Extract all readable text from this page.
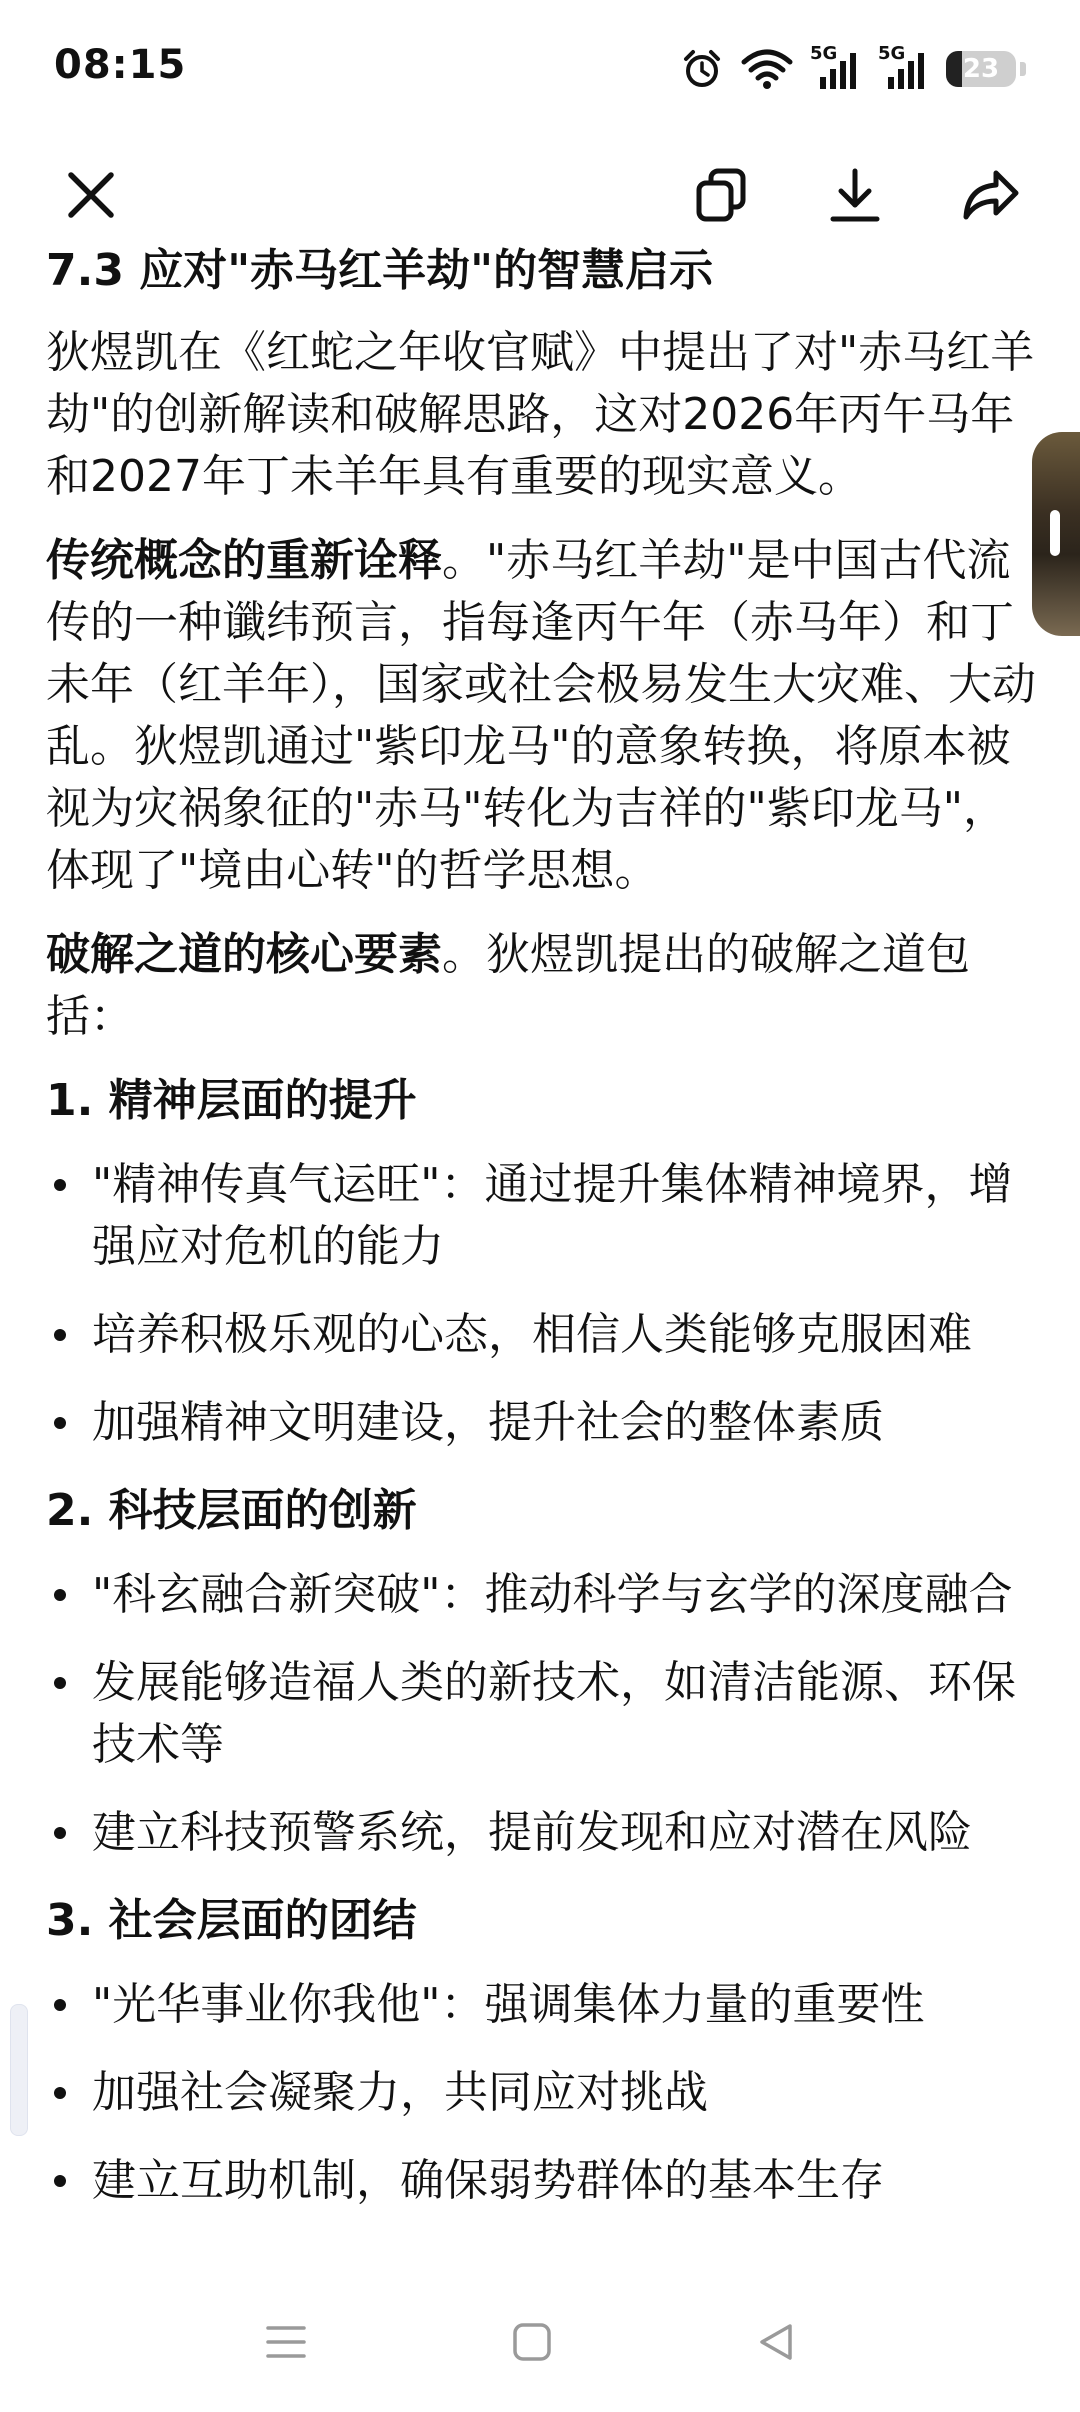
08:15	5G 5G
23
7.3 应对"赤马红羊劫"的智慧启示

狄煜凯在《红蛇之年收官赋》中提出了对"赤马红羊劫"的创新解读和破解思路，这对2026年丙午马年和2027年丁未羊年具有重要的现实意义。

传统概念的重新诠释。"赤马红羊劫"是中国古代流传的一种谶纬预言，指每逢丙午年（赤马年）和丁未年（红羊年），国家或社会极易发生大灾难、大动乱。狄煜凯通过"紫印龙马"的意象转换，将原本被视为灾祸象征的"赤马"转化为吉祥的"紫印龙马"，体现了"境由心转"的哲学思想。

破解之道的核心要素。狄煜凯提出的破解之道包括：

1. 精神层面的提升
"精神传真气运旺"：通过提升集体精神境界，增强应对危机的能力
培养积极乐观的心态，相信人类能够克服困难
加强精神文明建设，提升社会的整体素质
2. 科技层面的创新
"科玄融合新突破"：推动科学与玄学的深度融合
发展能够造福人类的新技术，如清洁能源、环保技术等
建立科技预警系统，提前发现和应对潜在风险
3. 社会层面的团结
"光华事业你我他"：强调集体力量的重要性
加强社会凝聚力，共同应对挑战
建立互助机制，确保弱势群体的基本生存
